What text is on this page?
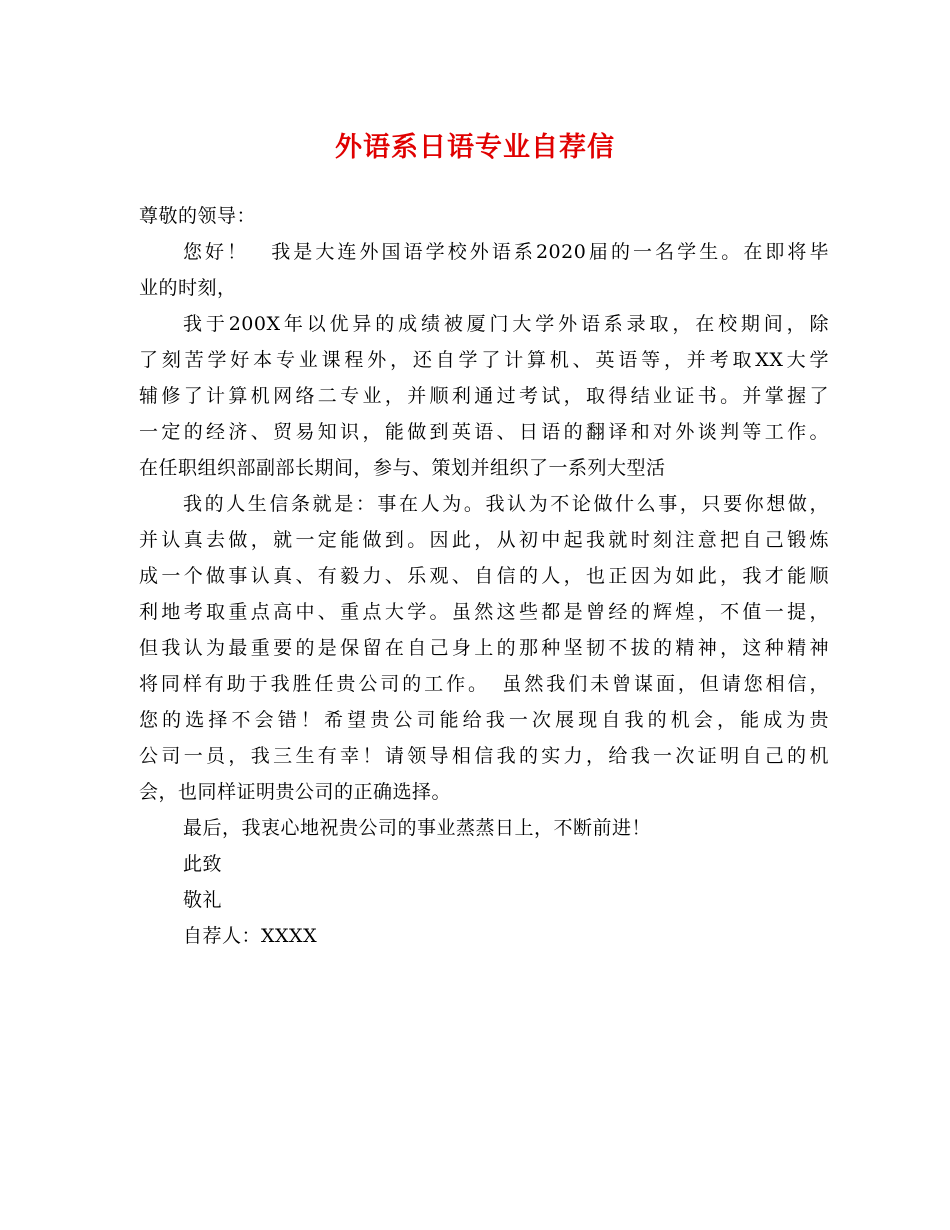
外语系日语专业自荐信
尊敬的领导：
您好！　我是大连外国语学校外语系2020届的一名学生。在即将毕
业的时刻，
我于200X年以优异的成绩被厦门大学外语系录取，在校期间，除
了刻苦学好本专业课程外，还自学了计算机、英语等，并考取XX大学
辅修了计算机网络二专业，并顺利通过考试，取得结业证书。并掌握了
一定的经济、贸易知识，能做到英语、日语的翻译和对外谈判等工作。
在任职组织部副部长期间，参与、策划并组织了一系列大型活
我的人生信条就是：事在人为。我认为不论做什么事，只要你想做，
并认真去做，就一定能做到。因此，从初中起我就时刻注意把自己锻炼
成一个做事认真、有毅力、乐观、自信的人，也正因为如此，我才能顺
利地考取重点高中、重点大学。虽然这些都是曾经的辉煌，不值一提，
但我认为最重要的是保留在自己身上的那种坚韧不拔的精神，这种精神
将同样有助于我胜任贵公司的工作。　虽然我们未曾谋面，但请您相信，
您的选择不会错！希望贵公司能给我一次展现自我的机会，能成为贵
公司一员，我三生有幸！请领导相信我的实力，给我一次证明自己的机
会，也同样证明贵公司的正确选择。
最后，我衷心地祝贵公司的事业蒸蒸日上，不断前进！
此致
敬礼
自荐人：XXXX
